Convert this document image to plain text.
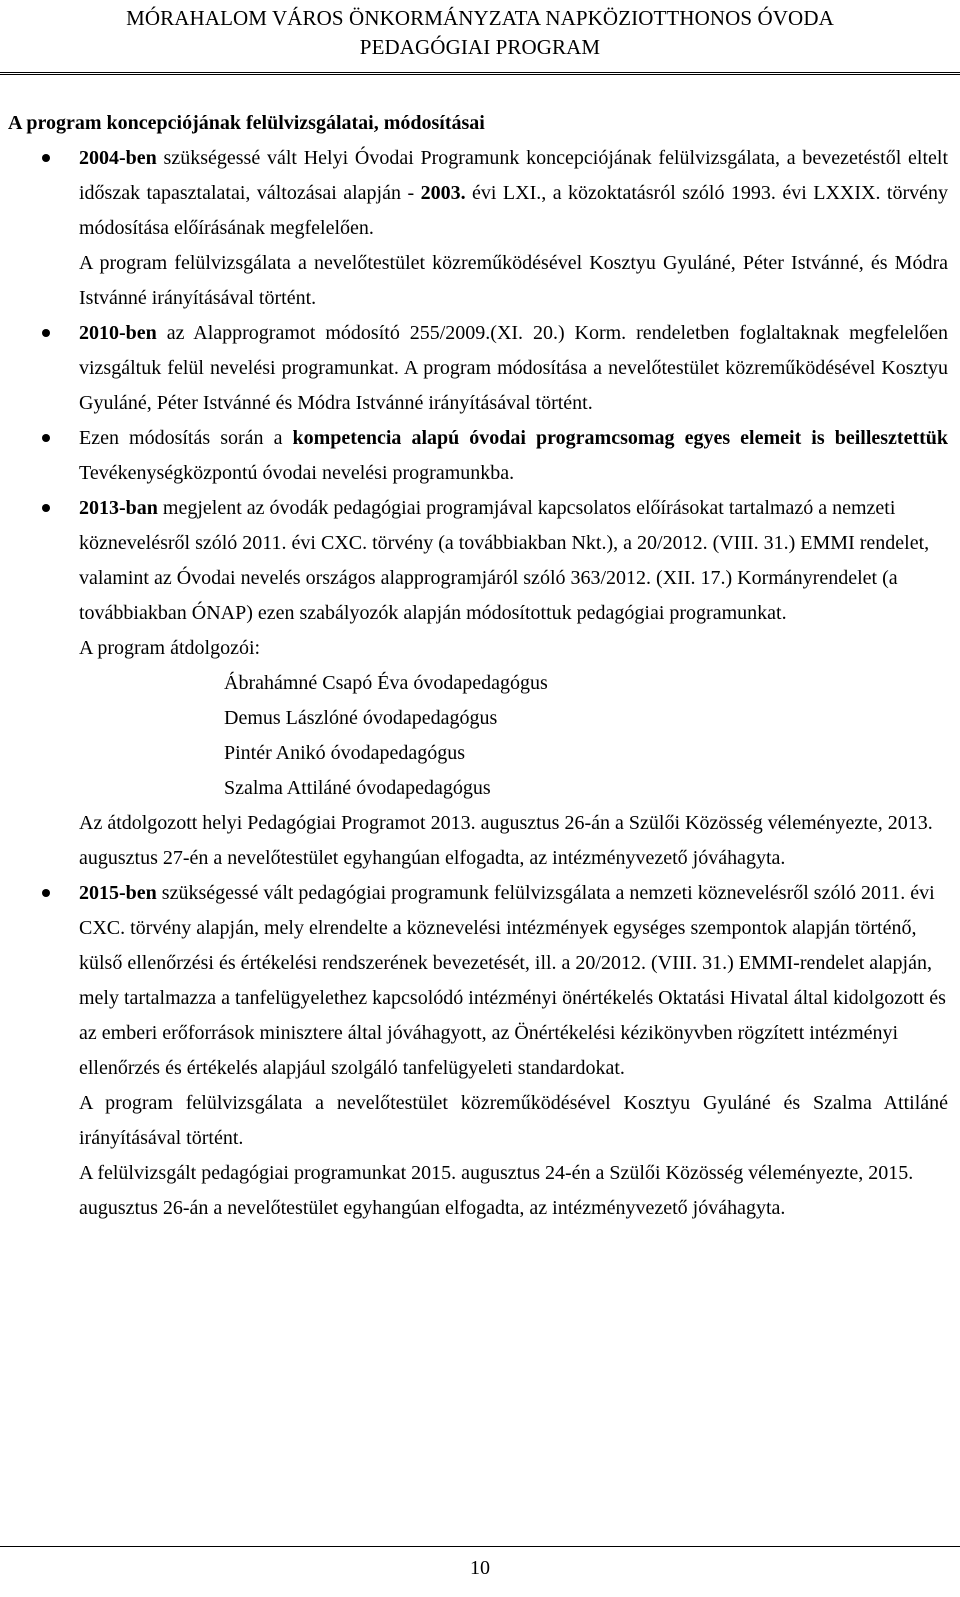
MÓRAHALOM VÁROS ÖNKORMÁNYZATA NAPKÖZIOTTHONOS ÓVODA
PEDAGÓGIAI PROGRAM
A program koncepciójának felülvizsgálatai, módosításai
2004-ben szükségessé vált Helyi Óvodai Programunk koncepciójának felülvizsgálata, a bevezetéstől eltelt időszak tapasztalatai, változásai alapján - 2003. évi LXI., a közoktatásról szóló 1993. évi LXXIX. törvény módosítása előírásának megfelelően.
A program felülvizsgálata a nevelőtestület közreműködésével Kosztyu Gyuláné, Péter Istvánné, és Módra Istvánné irányításával történt.
2010-ben az Alapprogramot módosító 255/2009.(XI. 20.) Korm. rendeletben foglaltaknak megfelelően vizsgáltuk felül nevelési programunkat. A program módosítása a nevelőtestület közreműködésével Kosztyu Gyuláné, Péter Istvánné és Módra Istvánné irányításával történt.
Ezen módosítás során a kompetencia alapú óvodai programcsomag egyes elemeit is beillesztettük Tevékenységközpontú óvodai nevelési programunkba.
2013-ban megjelent az óvodák pedagógiai programjával kapcsolatos előírásokat tartalmazó a nemzeti köznevelésről szóló 2011. évi CXC. törvény (a továbbiakban Nkt.), a 20/2012. (VIII. 31.) EMMI rendelet, valamint az Óvodai nevelés országos alapprogramjáról szóló 363/2012. (XII. 17.) Kormányrendelet (a továbbiakban ÓNAP) ezen szabályozók alapján módosítottuk pedagógiai programunkat.
A program átdolgozói:
Ábrahámné Csapó Éva óvodapedagógus
Demus Lászlóné óvodapedagógus
Pintér Anikó óvodapedagógus
Szalma Attiláné óvodapedagógus
Az átdolgozott helyi Pedagógiai Programot 2013. augusztus 26-án a Szülői Közösség véleményezte, 2013. augusztus 27-én a nevelőtestület egyhangúan elfogadta, az intézményvezető jóváhagyta.
2015-ben szükségessé vált pedagógiai programunk felülvizsgálata a nemzeti köznevelésről szóló 2011. évi CXC. törvény alapján, mely elrendelte a köznevelési intézmények egységes szempontok alapján történő, külső ellenőrzési és értékelési rendszerének bevezetését, ill. a 20/2012. (VIII. 31.) EMMI-rendelet alapján, mely tartalmazza a tanfelügyelethez kapcsolódó intézményi önértékelés Oktatási Hivatal által kidolgozott és az emberi erőforrások minisztere által jóváhagyott, az Önértékelési kézikönyvben rögzített intézményi ellenőrzés és értékelés alapjául szolgáló tanfelügyeleti standardokat.
A program felülvizsgálata a nevelőtestület közreműködésével Kosztyu Gyuláné és Szalma Attiláné irányításával történt.
A felülvizsgált pedagógiai programunkat 2015. augusztus 24-én a Szülői Közösség véleményezte, 2015. augusztus 26-án a nevelőtestület egyhangúan elfogadta, az intézményvezető jóváhagyta.
10
